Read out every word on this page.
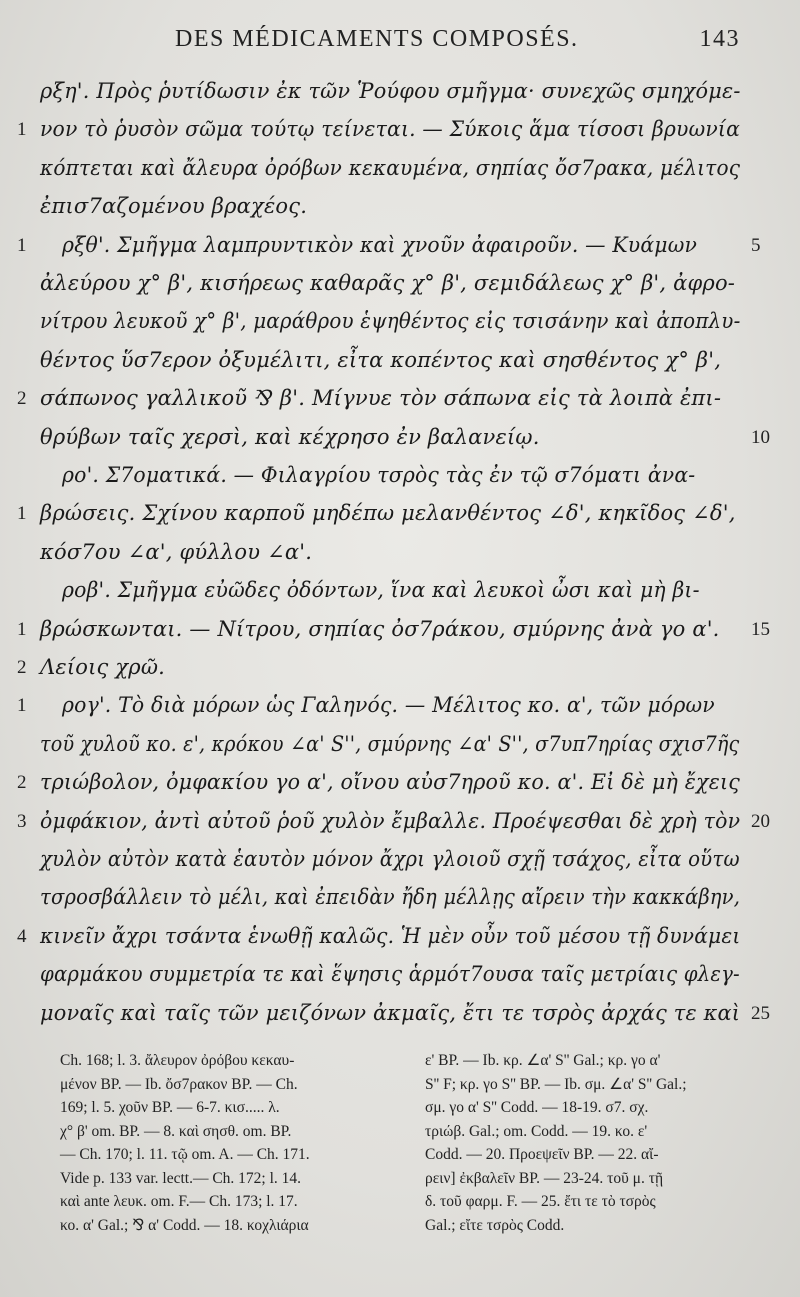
DES MÉDICAMENTS COMPOSÉS.	143
ρξη'. Πρὸς ῥυτίδωσιν ἐκ τῶν Ῥούφου σμῆγμα· συνεχῶς σμηχόμε-
1 νον τὸ ῥυσὸν σῶμα τούτῳ τείνεται. — Σύκοις ἅμα τίσοσι βρυωνία
κόπτεται καὶ ἄλευρα ὀρόβων κεκαυμένα, σηπίας ὄσ7ρακα, μέλιτος
ἐπισ7αζομένου βραχέος.
1 ρξθ'. Σμῆγμα λαμπρυντικὸν καὶ χνοῦν ἀφαιροῦν. — Κυάμων	5
ἀλεύρου χ° β', κισήρεως καθαρᾶς χ° β', σεμιδάλεως χ° β', ἀφρο-
νίτρου λευκοῦ χ° β', μαράθρου ἑψηθέντος εἰς τσισάνην καὶ ἀποπλυ-
θέντος ὕσ7ερον ὀξυμέλιτι, εἶτα κοπέντος καὶ σησθέντος χ° β',
2 σάπωνος γαλλικοῦ ⅋ β'. Μίγνυε τὸν σάπωνα εἰς τὰ λοιπὰ ἐπι-
θρύβων ταῖς χερσὶ, καὶ κέχρησο ἐν βαλανείῳ.	10
ρο'. Σ7οματικά. — Φιλαγρίου τσρὸς τὰς ἐν τῷ σ7όματι ἀνα-
1 βρώσεις. Σχίνου καρποῦ μηδέπω μελανθέντος ∠δ', κηκῖδος ∠δ',
κόσ7ου ∠α', φύλλου ∠α'.
ροβ'. Σμῆγμα εὐῶδες ὀδόντων, ἵνα καὶ λευκοὶ ὦσι καὶ μὴ βι-
1 βρώσκωνται. — Νίτρου, σηπίας ὀσ7ράκου, σμύρνης ἀνὰ γο α'.	15
2 Λείοις χρῶ.
1 ρογ'. Τὸ διὰ μόρων ὡς Γαληνός. — Μέλιτος κο. α', τῶν μόρων
τοῦ χυλοῦ κο. ε', κρόκου ∠α' S'', σμύρνης ∠α' S'', σ7υπ7ηρίας σχισ7ῆς
2 τριώβολον, ὀμφακίου γο α', οἴνου αὐσ7ηροῦ κο. α'. Εἰ δὲ μὴ ἔχεις
3 ὀμφάκιον, ἀντὶ αὐτοῦ ῥοῦ χυλὸν ἔμβαλλε. Προέψεσθαι δὲ χρὴ τὸν 20
χυλὸν αὐτὸν κατὰ ἑαυτὸν μόνον ἄχρι γλοιοῦ σχῇ τσάχος, εἶτα οὕτω
τσροσβάλλειν τὸ μέλι, καὶ ἐπειδὰν ἤδη μέλλῃς αἴρειν τὴν κακκάβην,
4 κινεῖν ἄχρι τσάντα ἑνωθῇ καλῶς. Ἡ μὲν οὖν τοῦ μέσου τῇ δυνάμει
φαρμάκου συμμετρία τε καὶ ἕψησις ἁρμότ7ουσα ταῖς μετρίαις φλεγ-
μοναῖς καὶ ταῖς τῶν μειζόνων ἀκμαῖς, ἔτι τε τσρὸς ἀρχάς τε καὶ 25
Ch. 168; l. 3. ἄλευρον ὀρόβου κεκαυ-
μένον BP. — Ib. ὄσ7ρακον BP. — Ch.
169; l. 5. χοῦν BP. — 6-7. κισ..... λ.
χ° β' om. BP. — 8. καὶ σησθ. om. BP.
— Ch. 170; l. 11. τῷ om. A. — Ch. 171.
Vide p. 133 var. lectt.— Ch. 172; l. 14.
καὶ ante λευκ. om. F.— Ch. 173; l. 17.
κο. α' Gal.; ⅋ α' Codd. — 18. κοχλιάρια
ε' BP. — Ib. κρ. ∠α' S'' Gal.; κρ. γο α'
S'' F; κρ. γο S'' BP. — Ib. σμ. ∠α' S'' Gal.;
σμ. γο α' S'' Codd. — 18-19. σ7. σχ.
τριώβ. Gal.; om. Codd. — 19. κο. ε'
Codd. — 20. Προεψεῖν BP. — 22. αἴ-
ρειν] ἐκβαλεῖν BP. — 23-24. τοῦ μ. τῇ
δ. τοῦ φαρμ. F. — 25. ἔτι τε τὸ τσρὸς
Gal.; εἴτε τσρὸς Codd.
